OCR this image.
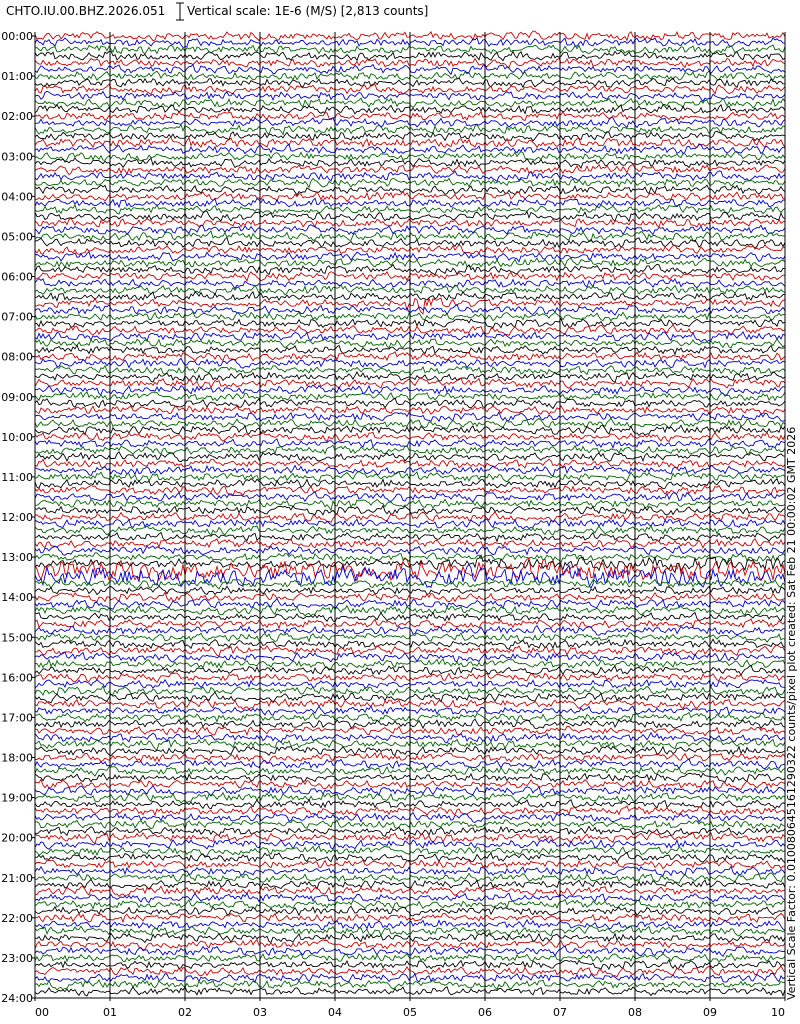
CHTO.IU.00.BHZ.2026.051 Vertical scale: 1E-6 (M/S) [2,813 counts]
00:00
01:00
02:00
03:00
04:00
05:00
06:00
07:00
08:00
09:00
10:00
11:00
12:00
13:00
14:00
15:00
16:00
17:00
18:00
19:00
20:00
21:00
22:00
23:00
24:00
00	01	02	03	04	05	06	07	08	09	10
Vertical Scale Factor: 0.010080645161290322 counts/pixel plot created: Sat Feb 21 00:00:02 GMT 2026
